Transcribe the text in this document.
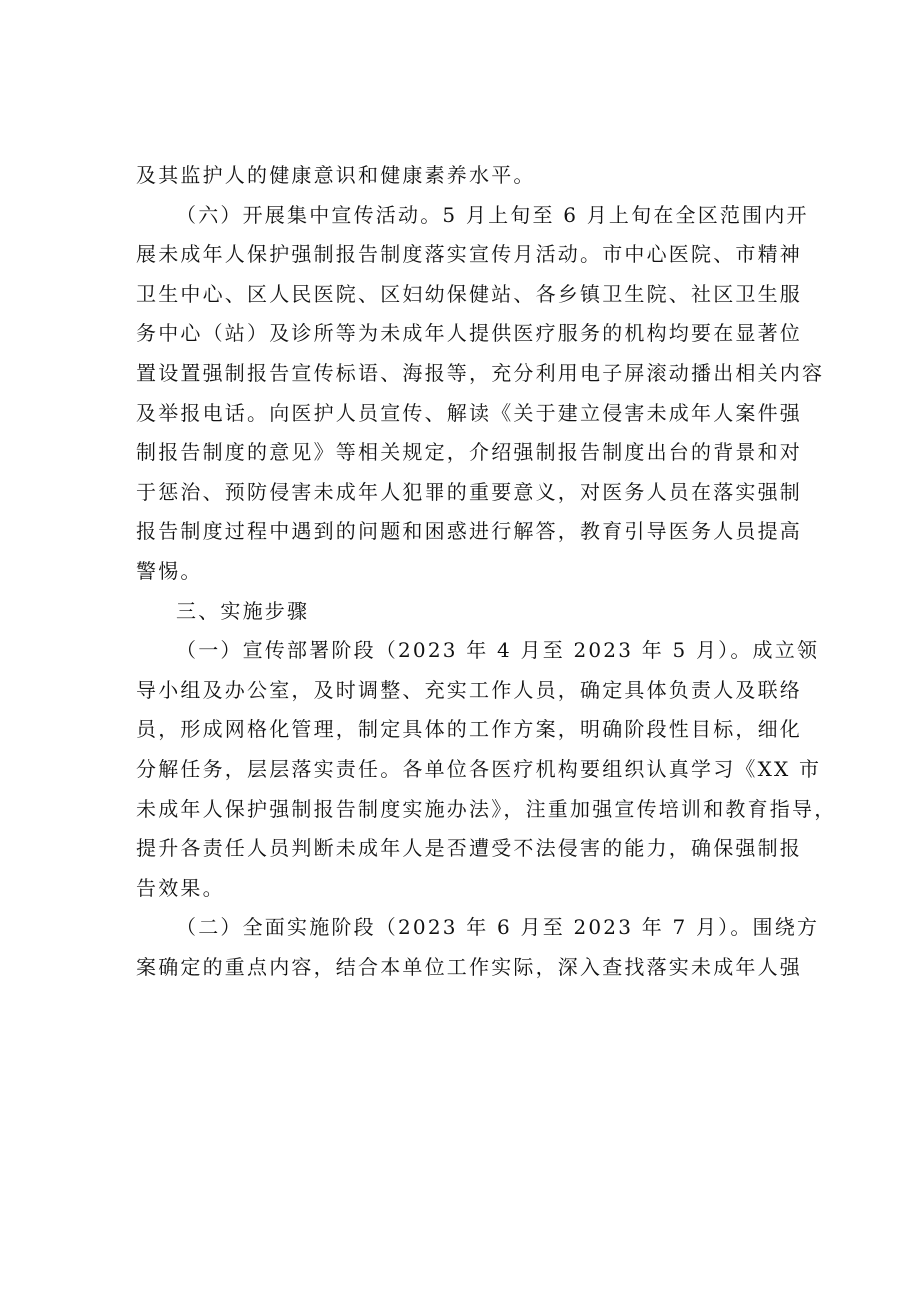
及其监护人的健康意识和健康素养水平。
（六）开展集中宣传活动。5 月上旬至 6 月上旬在全区范围内开
展未成年人保护强制报告制度落实宣传月活动。市中心医院、市精神
卫生中心、区人民医院、区妇幼保健站、各乡镇卫生院、社区卫生服
务中心（站）及诊所等为未成年人提供医疗服务的机构均要在显著位
置设置强制报告宣传标语、海报等，充分利用电子屏滚动播出相关内容
及举报电话。向医护人员宣传、解读《关于建立侵害未成年人案件强
制报告制度的意见》等相关规定，介绍强制报告制度出台的背景和对
于惩治、预防侵害未成年人犯罪的重要意义，对医务人员在落实强制
报告制度过程中遇到的问题和困惑进行解答，教育引导医务人员提高
警惕。
三、实施步骤
（一）宣传部署阶段（2023 年 4 月至 2023 年 5 月）。成立领
导小组及办公室，及时调整、充实工作人员，确定具体负责人及联络
员，形成网格化管理，制定具体的工作方案，明确阶段性目标，细化
分解任务，层层落实责任。各单位各医疗机构要组织认真学习《XX 市
未成年人保护强制报告制度实施办法》，注重加强宣传培训和教育指导，
提升各责任人员判断未成年人是否遭受不法侵害的能力，确保强制报
告效果。
（二）全面实施阶段（2023 年 6 月至 2023 年 7 月）。围绕方
案确定的重点内容，结合本单位工作实际，深入查找落实未成年人强
